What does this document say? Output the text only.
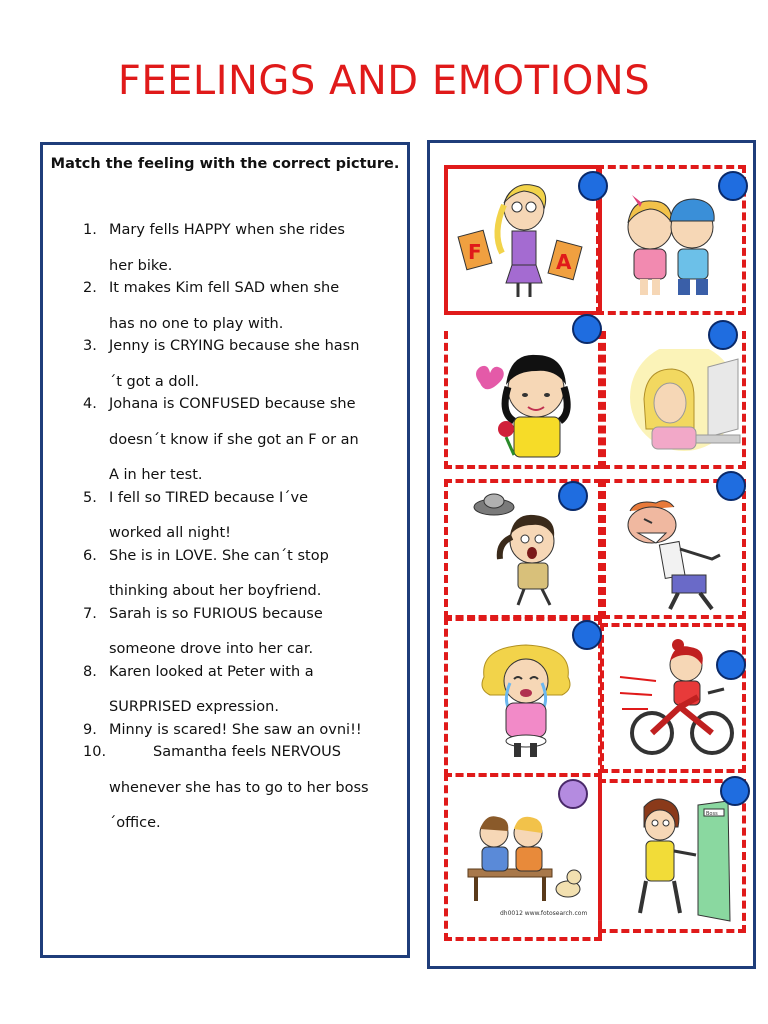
FEELINGS AND EMOTIONS
Match the feeling with the correct picture.
1. Mary fells HAPPY when she rides
her bike.
2. It makes Kim fell SAD when she
has no one to play with.
3. Jenny is CRYING because she hasn
´t got a doll.
4. Johana is CONFUSED because she
doesn´t know if she got an F or an
A in her test.
5. I fell so TIRED because I´ve
worked all night!
6. She is in LOVE. She can´t stop
thinking about her boyfriend.
7. Sarah is so FURIOUS because
someone drove into her car.
8. Karen looked at Peter with a
SURPRISED expression.
9. Minny is scared! She saw an ovni!!
10.	Samantha feels NERVOUS
whenever she has to go to her boss
´office.
F	A
dh0012 www.fotosearch.com
Boss
